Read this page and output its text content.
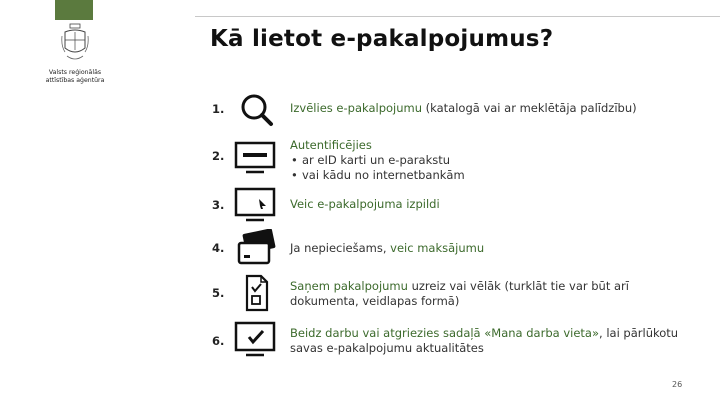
Valsts reģionālās
attīstības aģentūra
Kā lietot e-pakalpojumus?
1.	Izvēlies e-pakalpojumu (katalogā vai ar meklētāja palīdzību)
2.
Autentificējies
• ar eID karti un e-parakstu
• vai kādu no internetbankām
3.	Veic e-pakalpojuma izpildi
4.	Ja nepieciešams, veic maksājumu
5.	Saņem pakalpojumu uzreiz vai vēlāk (turklāt tie var būt arī dokumenta, veidlapas formā)
6.
Beidz darbu vai atgriezies sadaļā «Mana darba vieta», lai pārlūkotu savas e-pakalpojumu aktualitātes
26
